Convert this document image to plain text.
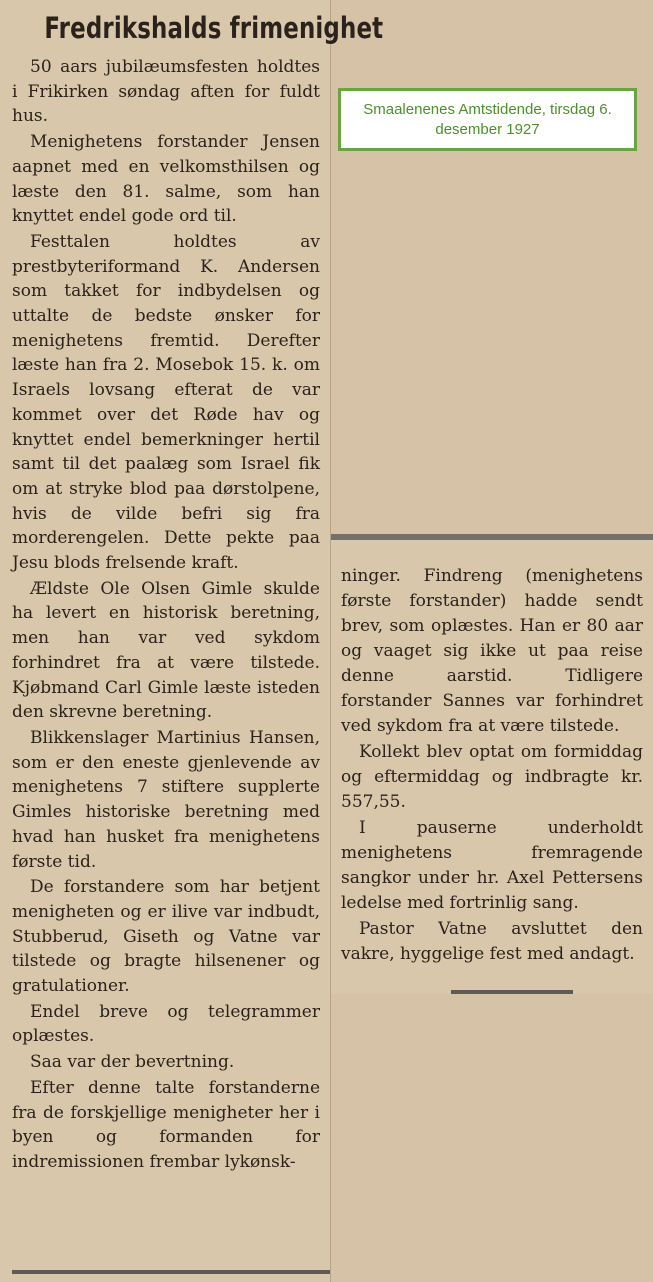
Fredrikshalds frimenighet

50 aars jubilæumsfesten holdtes i Frikirken søndag aften for fuldt hus.

Menighetens forstander Jensen aapnet med en velkomsthilsen og læste den 81. salme, som han knyttet endel gode ord til.

Festtalen holdtes av prestbyteriformand K. Andersen som takket for indbydelsen og uttalte de bedste ønsker for menighetens fremtid. Derefter læste han fra 2. Mosebok 15. k. om Israels lovsang efterat de var kommet over det Røde hav og knyttet endel bemerkninger hertil samt til det paalæg som Israel fik om at stryke blod paa dørstolpene, hvis de vilde befri sig fra morderengelen. Dette pekte paa Jesu blods frelsende kraft.

Ældste Ole Olsen Gimle skulde ha levert en historisk beretning, men han var ved sykdom forhindret fra at være tilstede. Kjøbmand Carl Gimle læste isteden den skrevne beretning.

Blikkenslager Martinius Hansen, som er den eneste gjenlevende av menighetens 7 stiftere supplerte Gimles historiske beretning med hvad han husket fra menighetens første tid.

De forstandere som har betjent menigheten og er ilive var indbudt, Stubberud, Giseth og Vatne var tilstede og bragte hilsenener og gratulationer.

Endel breve og telegrammer oplæstes.

Saa var der bevertning.

Efter denne talte forstanderne fra de forskjellige menigheter her i byen og formanden for indremissionen frembar lykønsk-

Smaalenenes Amtstidende, tirsdag 6. desember 1927

ninger. Findreng (menighetens første forstander) hadde sendt brev, som oplæstes. Han er 80 aar og vaaget sig ikke ut paa reise denne aarstid. Tidligere forstander Sannes var forhindret ved sykdom fra at være tilstede.

Kollekt blev optat om formiddag og eftermiddag og indbragte kr. 557,55.

I pauserne underholdt menighetens fremragende sangkor under hr. Axel Pettersens ledelse med fortrinlig sang.

Pastor Vatne avsluttet den vakre, hyggelige fest med andagt.
